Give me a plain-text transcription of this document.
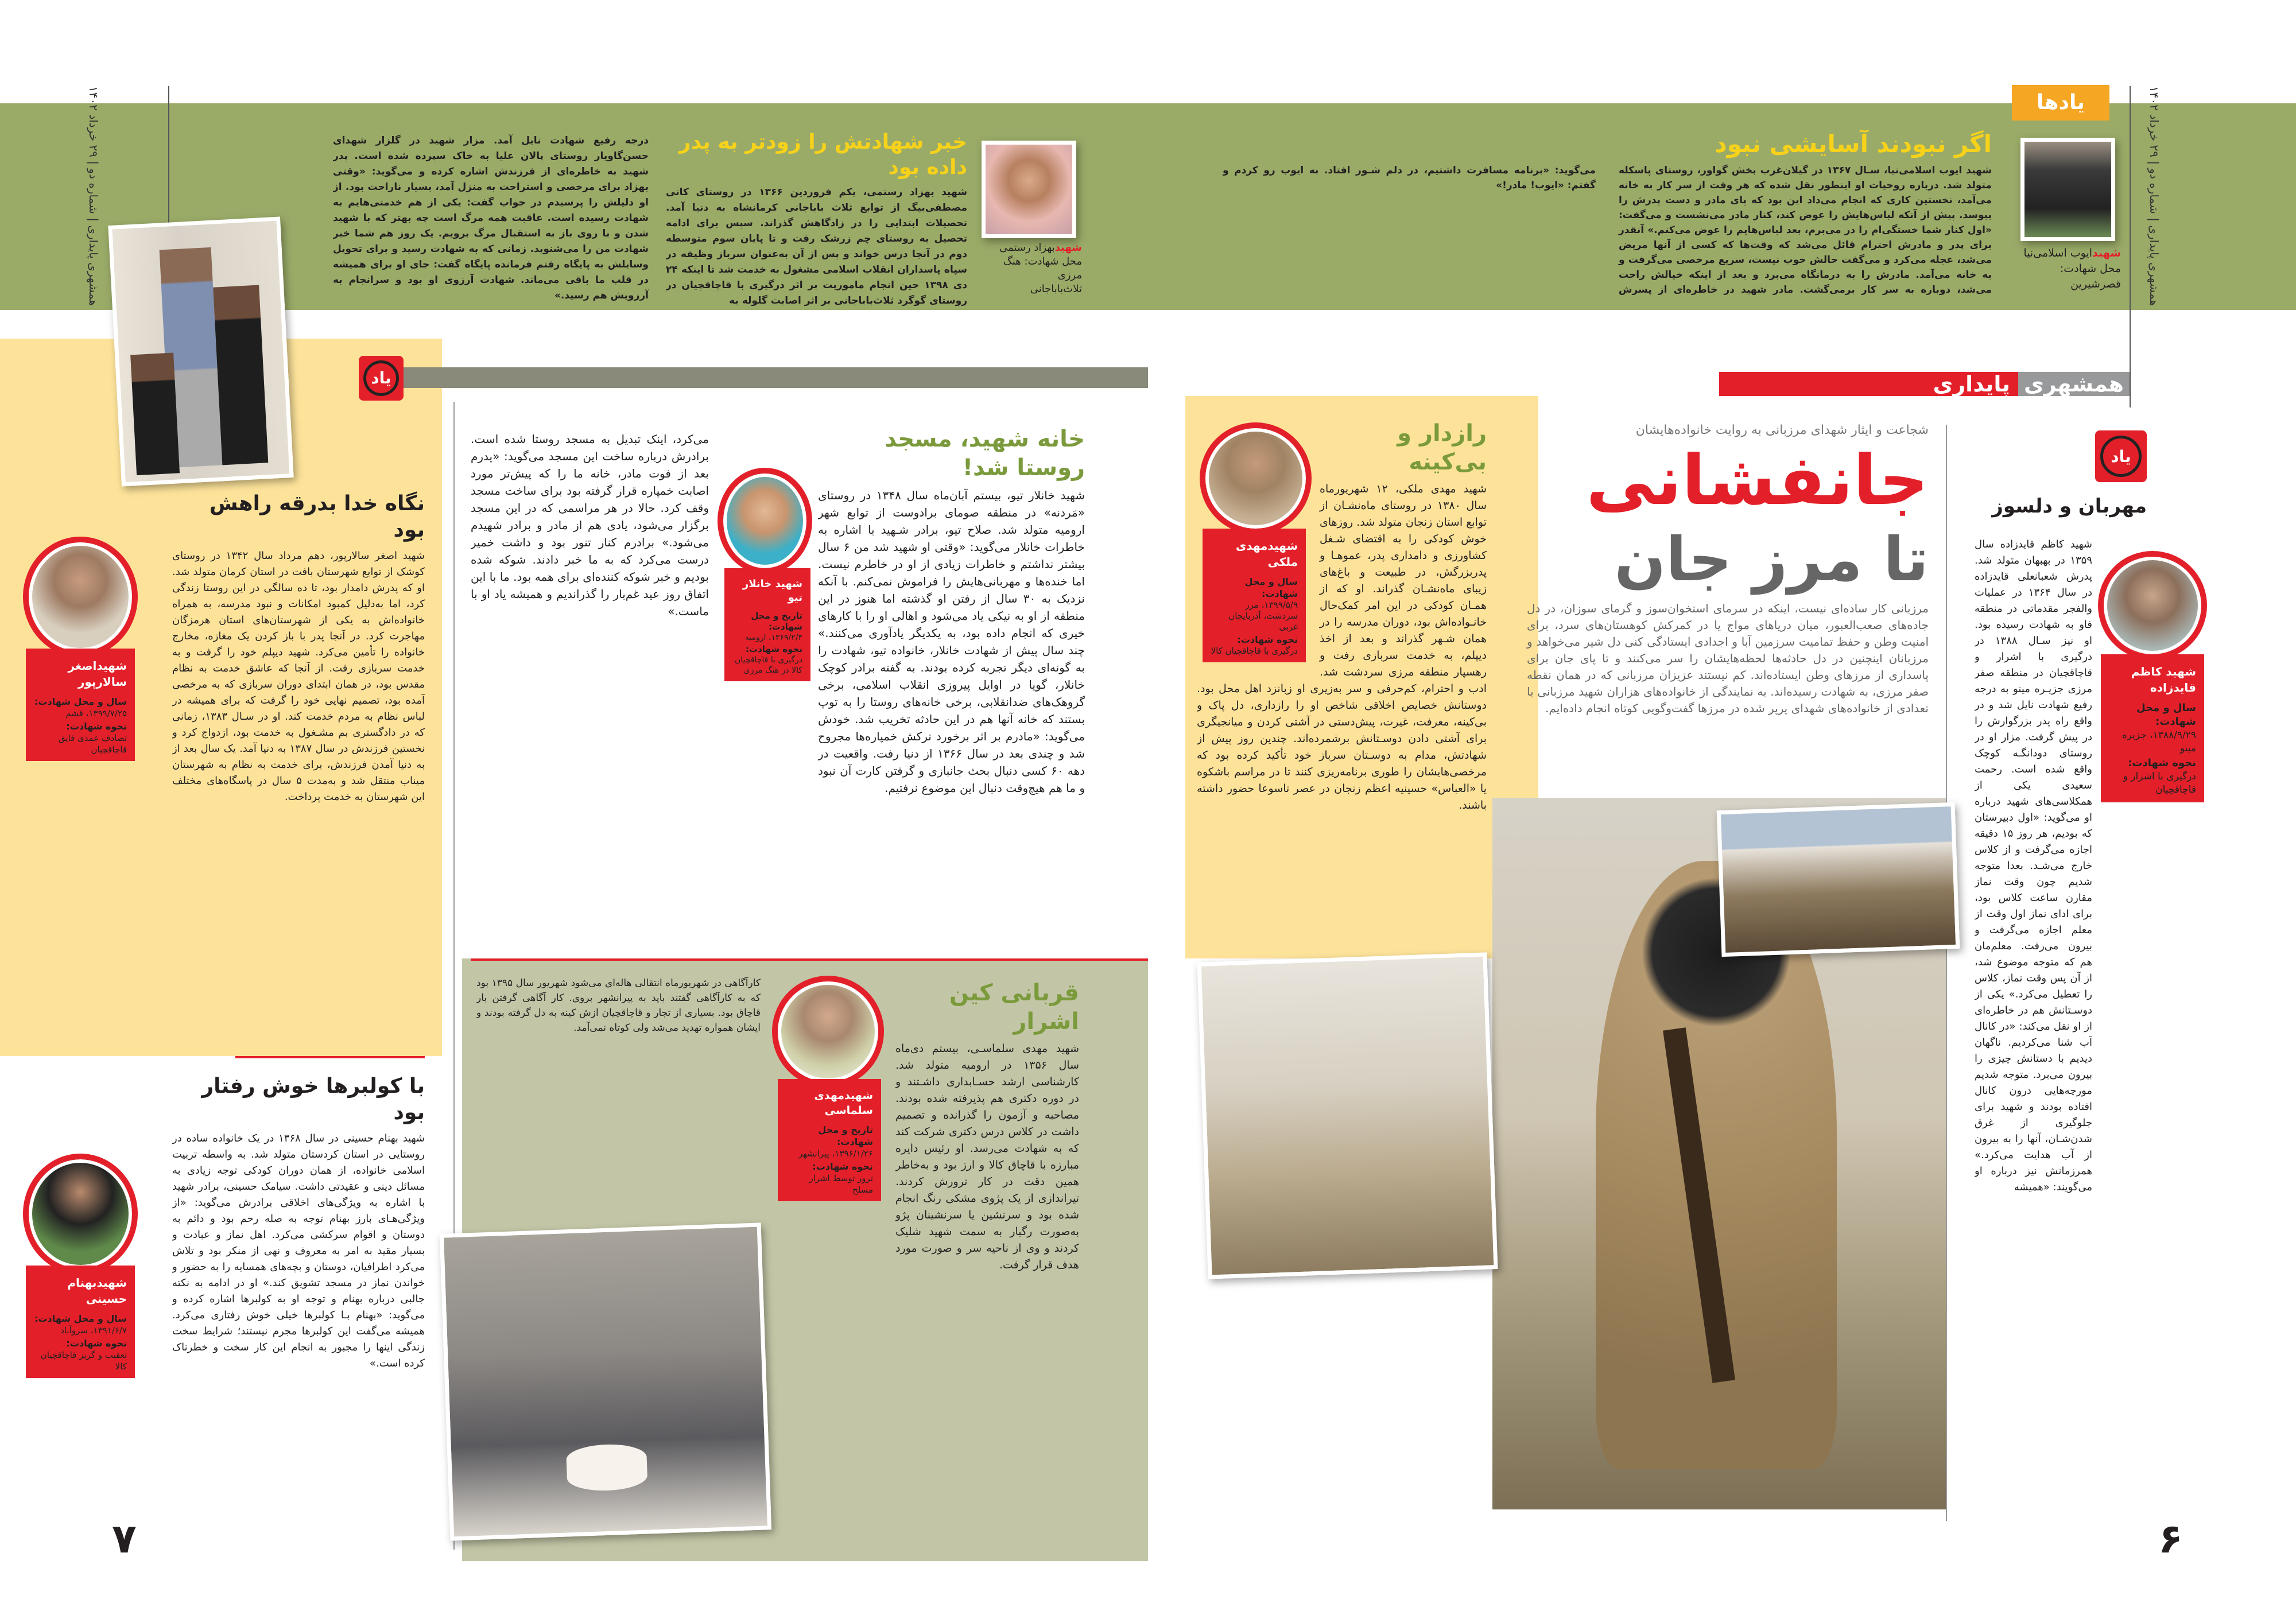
همشهری پایداری | شماره دو | ۲۹ خرداد ۱۴۰۲
همشهری پایداری | شماره دو | ۲۹ خرداد ۱۴۰۲
یادها
شهیدایوب اسلامی‌نیا
محل شهادت: قصرشیرین
اگر نبودند آسایشی نبود
شهید ایوب اسلامی‌نیا، سـال ۱۳۶۷ در گیلان‌غرب بخش گواور، روستای پاسکله متولد شد. درباره روحیات او اینطور نقل شده که هر وقت از سر کار به خانه می‌آمد، نخستین کاری که انجام می‌داد این بود که پای مادر و دست پدرش را ببوسد. پیش از آنکه لباس‌هایش را عوض کند، کنار مادر می‌نشست و می‌گفت: «اول کنار شما خستگی‌ام را در می‌برم، بعد لباس‌هایم را عوض می‌کنم.» آنقدر برای پدر و مادرش احترام قائل می‌شد که وقت‌ها که کسی از آنها مریض می‌شد، عجله می‌کرد و می‌گفت حالش خوب نیست، سریع مرخصی می‌گرفت و به خانه می‌آمد. مادرش را به درمانگاه می‌برد و بعد از اینکه خیالش راحت می‌شد، دوباره به سر کار برمی‌گشت. مادر شهید در خاطره‌ای از پسرش می‌گوید: «برنامه مسافرت داشتیم، در دلم شـور افتاد. به ایوب رو کردم و گفتم: «ایوب! مادر!»
شهیدبهزاد رستمی
محل شهادت: هنگ مرزی
ثلاث‌باباجانی
خبر شهادتش را زودتر به پدر داده بود
شهید بهزاد رستمی، یکم فروردین ۱۳۶۶ در روستای کانی مصطفی‌بیگ از توابع ثلاث باباجانی کرمانشاه به دنیا آمد. تحصیلات ابتدایی را در زادگاهش گذراند. سپس برای ادامه تحصیل به روستای چم زرشک رفت و تا پایان سوم متوسطه دوم در آنجا درس خواند و پس از آن به‌عنوان سرباز وظیفه در سپاه پاسداران انقلاب اسلامی مشغول به خدمت شد تا اینکه ۲۴ دی ۱۳۹۸ حین انجام ماموریت بر اثر درگیری با قاچاقچیان در روستای گوگرد ثلاث‌باباجانی بر اثر اصابت گلوله به
درجه رفیع شهادت نایل آمد. مزار شهید در گلزار شهدای حسن‌گاویار روستای پالان علیا به خاک سپرده شده است. پدر شهید به خاطره‌ای از فرزندش اشاره کرده و می‌گوید: «وقتی بهزاد برای مرخصی و استراحت به منزل آمد، بسیار ناراحت بود. از او دلیلش را پرسیدم در جواب گفت: یکی از هم خدمتی‌هایم به شهادت رسیده است. عاقبت همه مرگ است چه بهتر که با شهید شدن و با روی باز به استقبال مرگ برویم. یک روز هم شما خبر شهادت من را می‌شنوید. زمانی که به شهادت رسید و برای تحویل وسایلش به پایگاه رفتم فرمانده پایگاه گفت: جای او برای همیشه در قلب ما باقی می‌ماند. شهادت آرزوی او بود و سرانجام به آرزویش هم رسید.»
یاد	همشهری
پایداری
شجاعت و ایثار شهدای مرزبانی به روایت خانواده‌هایشان
جانفشانی
تا مرز جان
مرزبانی کار ساده‌ای نیست، اینکه در سرمای استخوان‌سوز و گرمای سوزان، در دل جاده‌های صعب‌العبور، میان دریاهای مواج یا در کمرکش کوهستان‌های سرد، برای امنیت وطن و حفظ تمامیت سرزمین آبا و اجدادی ایستادگی کنی دل شیر می‌خواهد و مرزبانان اینچنین در دل حادثه‌ها لحظه‌هایشان را سر می‌کنند و تا پای جان برای پاسداری از مرزهای وطن ایستاده‌اند. کم نیستند عزیزان مرزبانی که در همان نقطه صفر مرزی، به شهادت رسیده‌اند. به نمایندگی از خانواده‌های هزاران شهید مرزبانی با تعدادی از خانواده‌های شهدای پرپر شده در مرزها گفت‌وگویی کوتاه انجام داده‌ایم.
یاد
مهربان و دلسوز
شهید کاظم قایدزاده سال ۱۳۵۹ در بهبهان متولد شد. پدرش شعبانعلی قایدزاده در سال ۱۳۶۴ در عملیات والفجر مقدماتی در منطقه فاو به شهادت رسیده بود. او نیز سـال ۱۳۸۸ در درگیری با اشرار و قاچاقچیان در منطقه صفر مرزی جزیـره مینو به درجه رفیع شهادت نایل شد و در واقع راه پدر بزرگوارش را در پیش گرفت. مزار او در روستای دودانگـه کوچک واقع شده است. رحمت سعیدی یکی از همکلاسی‌های شهید درباره او می‌گوید: «اول دبیرستان که بودیم، هر روز ۱۵ دقیقه اجازه می‌گرفت و از کلاس خارج می‌شـد. بعدا متوجه شدیم چون وقت نماز مقارن ساعت کلاس بود، برای ادای نماز اول وقت از معلم اجازه می‌گرفت و بیرون می‌رفت. معلم‌مان هم که متوجه موضوع شد، از آن پس وقت نماز، کلاس را تعطیل می‌کرد.» یکی از دوسـتانش هم در خاطره‌ای از او نقل می‌کند: «در کانال آب شنا می‌کردیم. ناگهان دیدیم با دستانش چیزی را بیرون می‌برد. متوجه شدیم مورچه‌هایی درون کانال افتاده بودند و شهید برای جلوگیری از غرق شدن‌شـان، آنها را به بیرون از آب هدایت می‌کرد.» همرزمانش نیز درباره او می‌گویند: «همیشه
شهید کاظم قایدزاده
سال و محل شهادت:
۱۳۸۸/۹/۲۹، جزیره مینو
نحوه شهادت:
درگیری با اشرار و قاچاقچیان
شهیدمهدی ملکی
سال و محل شهادت:
۱۳۹۹/۵/۹، مرز سردشت، آذربایجان غربی
نحوه شهادت:
درگیری با قاچاقچیان کالا
رازدار و بی‌کینه
شهید مهدی ملکی، ۱۲ شهریورماه سال ۱۳۸۰ در روستای ماه‌نشـان از توابع استان زنجان متولد شد. روزهای خوش کودکی را به اقتضای شـغل کشاورزی و دامداری پدر، عموهـا و پدربزرگش، در طبیعت و باغ‌های زیبای ماه‌نشـان گذراند. او که از همـان کودکی در این امر کمک‌حال خانـواده‌اش بود، دوران مدرسه را در همان شـهر گذراند و بعد از اخذ دیپلم، به خدمت سربازی رفت و رهسپار منطقه مرزی سردشت شد. ادب و احترام، کم‌حرفی و سر به‌زیری او زبانزد اهل محل بود. دوستانش خصایص اخلاقی شاخص او را رازداری، دل پاک و بی‌کینه، معرفت، غیرت، پیش‌دستی در آشتی کردن و میانجیگری برای آشتی دادن دوسـتانش برشمرده‌اند. چندین روز پیش از شهادتش، مدام به دوسـتان سرباز خود تأکید کرده بود که مرخصی‌هایشان را طوری برنامه‌ریزی کنند تا در مراسم باشکوه یا «العباس» حسینیه اعظم زنجان در عصر تاسوعا حضور داشته باشند.
خانه شهید، مسجد روستا شد!
شهید خانلار تیو، بیستم آبان‌ماه سال ۱۳۴۸ در روستای «مَردنه» در منطقه صومای برادوست از توابع شهر ارومیه متولد شد. صلاح تیو، برادر شـهید با اشاره به خاطرات خانلار می‌گوید: «وقتی او شهید شد من ۶ سال بیشتر نداشتم و خاطرات زیادی از او در خاطرم نیست. اما خنده‌ها و مهربانی‌هایش را فراموش نمی‌کنم. با آنکه نزدیک به ۳۰ سال از رفتن او گذشته اما هنوز در این منطقه از او به نیکی یاد می‌شود و اهالی او را با کارهای خیری که انجام داده بود، به یکدیگر یادآوری می‌کنند.» چند سال پیش از شهادت خانلار، خانواده تیو، شهادت را به گونه‌ای دیگر تجربه کرده بودند. به گفته برادر کوچک خانلار، گویا در اوایل پیروزی انقلاب اسلامی، برخی گروهک‌های ضدانقلابی، برخی خانه‌های روستا را به توپ بستند که خانه آنها هم در این حادثه تخریب شد. خودش می‌گوید: «مادرم بر اثر برخورد ترکش خمپاره‌ها مجروح شد و چندی بعد در سال ۱۳۶۶ از دنیا رفت. واقعیت در دهه ۶۰ کسی دنبال بحث جانبازی و گرفتن کارت آن نبود و ما هم هیچ‌وقت دنبال این موضوع نرفتیم.
شهید خانلار تیو
تاریخ و محل شهادت:
۱۳۶۹/۲/۴، ارومیه
نحوه شهادت:
درگیری با قاچاقچیان کالا در هنگ مرزی
می‌کرد، اینک تبدیل به مسجد روستا شده است. برادرش درباره ساخت این مسجد می‌گوید: «پدرم بعد از فوت مادر، خانه ما را که پیش‌تر مورد اصابت خمپاره قرار گرفته بود برای ساخت مسجد وقف کرد. حالا در هر مراسمی که در این مسجد برگزار می‌شود، یادی هم از مادر و برادر شهیدم می‌شود.» برادرم کنار تنور بود و داشت خمیر درست می‌کرد که به ما خبر دادند. شوکه شده بودیم و خبر شوکه کننده‌ای برای همه بود. ما با این اتفاق روز عید غم‌بار را گذراندیم و همیشه یاد او با ماست.»
قربانی کین اشرار
شهید مهدی سلماسـی، بیستم دی‌ماه سال ۱۳۵۶ در ارومیه متولد شد. کارشناسی ارشد حسـابداری داشـتند و در دوره دکتری هم پذیرفته شده بودند. مصاحبه و آزمون را گذرانده و تصمیم داشت در کلاس درس دکتری شرکت کند که به شهادت می‌رسد. او رئیس دایره مبارزه با قاچاق کالا و ارز بود و به‌خاطر همین دقت در کار ترورش کردند. تیراندازی از یک پژوی مشکی رنگ انجام شده بود و سرنشین یا سرنشینان پژو به‌صورت رگبار به سمت شهید شلیک کردند و وی از ناحیه سر و صورت مورد هدف قرار گرفت.
شهیدمهدی سلماسی
تاریخ و محل شهادت:
۱۳۹۶/۱/۲۶، پیرانشهر
نحوه شهادت:
ترور توسط اشرار مسلح
کارآگاهی در شهریورماه انتقالی هاله‌ای می‌شود شهریور سال ۱۳۹۵ بود که به کارآگاهی گفتند باید به پیرانشهر بروی. کار آگاهی گرفتن بار قاچاق بود. بسیاری از تجار و قاچاقچیان ازش کینه به دل گرفته بودند و ایشان همواره تهدید می‌شد ولی کوتاه نمی‌آمد.
نگاه خدا بدرقه راهش بود
شهید اصغر سالارپور، دهم مرداد سال ۱۳۴۲ در روستای کوشک از توابع شهرستان بافت در استان کرمان متولد شد. او که پدرش دامدار بود، تا ده سالگی در این روستا زندگی کرد، اما به‌دلیل کمبود امکانات و نبود مدرسه، به همراه خانواده‌اش به یکی از شهرستان‌های استان هرمزگان مهاجرت کرد. در آنجا پدر با باز کردن یک مغازه، مخارج خانواده را تأمین می‌کرد. شهید دیپلم خود را گرفت و به خدمت سربازی رفت. از آنجا که عاشق خدمت به نظام مقدس بود، در همان ابتدای دوران سربازی که به مرخصی آمده بود، تصمیم نهایی خود را گرفت که برای همیشه در لباس نظام به مردم خدمت کند. او در سـال ۱۳۸۳، زمانی که در دادگستری بم مشـغول به خدمت بود، ازدواج کرد و نخستین فرزندش در سال ۱۳۸۷ به دنیا آمد. یک سال بعد از به دنیا آمدن فرزندش، برای خدمت به نظام به شهرستان میناب منتقل شد و به‌مدت ۵ سال در پاسگاه‌های مختلف این شهرستان به خدمت پرداخت.
شهیداصغر سالارپور
سال و محل شهادت:
۱۳۹۹/۷/۲۵، قشم
نحوه شهادت:
تصادف عمدی قایق قاچاقچیان
با کولبرها خوش رفتار بود
شهید بهنام حسینی در سال ۱۳۶۸ در یک خانواده ساده در روستایی در استان کردستان متولد شد. به واسطه تربیت اسلامی خانواده، از همان دوران کودکی توجه زیادی به مسائل دینی و عقیدتی داشت. سیامک حسینی، برادر شهید با اشاره به ویژگی‌های اخلاقی برادرش می‌گوید: «از ویژگی‌هـای بارز بهنام توجه به صله رحم بود و دائم به دوستان و اقوام سرکشی می‌کرد. اهل نماز و عبادت و بسیار مقید به امر به معروف و نهی از منکر بود و تلاش می‌کرد اطرافیان، دوستان و بچه‌های همسایه را به حضور و خواندن نماز در مسجد تشویق کند.» او در ادامه به نکته جالبی درباره بهنام و توجه او به کولبرها اشاره کرده و می‌گوید: «بهنام بـا کولبرها خیلی خوش رفتاری می‌کرد. همیشه می‌گفت این کولبرها مجرم نیستند؛ شرایط سخت زندگی اینها را مجبور به انجام این کار سخت و خطرناک کرده است.»
شهیدبهنام حسینی
سال و محل شهادت:
۱۳۹۱/۶/۷، سروآباد
نحوه شهادت:
تعقیب و گریز قاچاقچیان کالا
۷	۶
